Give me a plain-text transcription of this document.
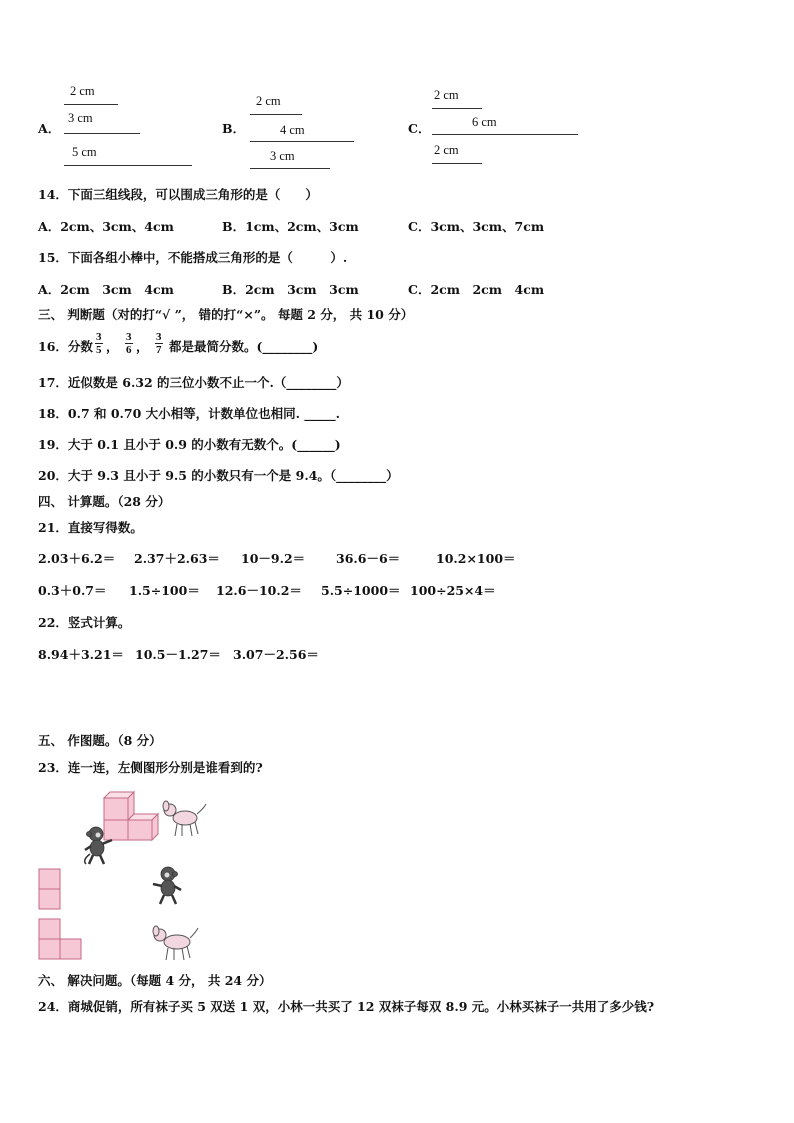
A．
2 cm
3 cm
5 cm
B．
2 cm
4 cm
3 cm
C．
2 cm
6 cm
2 cm
14．下面三组线段，可以围成三角形的是（　　）
A．2cm、3cm、4cm	B．1cm、2cm、3cm	C．3cm、3cm、7cm
15．下面各组小棒中，不能搭成三角形的是（　　　）.
A．2cm　3cm　4cm	B．2cm　3cm　3cm	C．2cm　2cm　4cm
三、 判断题（对的打“√ ”， 错的打“×”。 每题 2 分， 共 10 分）
16．分数 $\frac{3}{5}$ ， $\frac{3}{6}$ ， $\frac{3}{7}$ 都是最简分数。(________)
17．近似数是 6.32 的三位小数不止一个.（________）
18．0.7 和 0.70 大小相等，计数单位也相同. _____.
19．大于 0.1 且小于 0.9 的小数有无数个。(______)
20．大于 9.3 且小于 9.5 的小数只有一个是 9.4。（________）
四、 计算题。（28 分）
21．直接写得数。
2.03＋6.2＝ 2.37＋2.63＝ 10－9.2＝ 36.6－6＝	10.2×100＝
0.3＋0.7＝ 1.5÷100＝ 12.6－10.2＝ 5.5÷1000＝ 100÷25×4＝
22．竖式计算。
8.94＋3.21＝ 10.5－1.27＝ 3.07－2.56＝
五、 作图题。（8 分）
23．连一连，左侧图形分别是谁看到的?
六、 解决问题。（每题 4 分， 共 24 分）
24．商城促销，所有袜子买 5 双送 1 双，小林一共买了 12 双袜子每双 8.9 元。小林买袜子一共用了多少钱?
